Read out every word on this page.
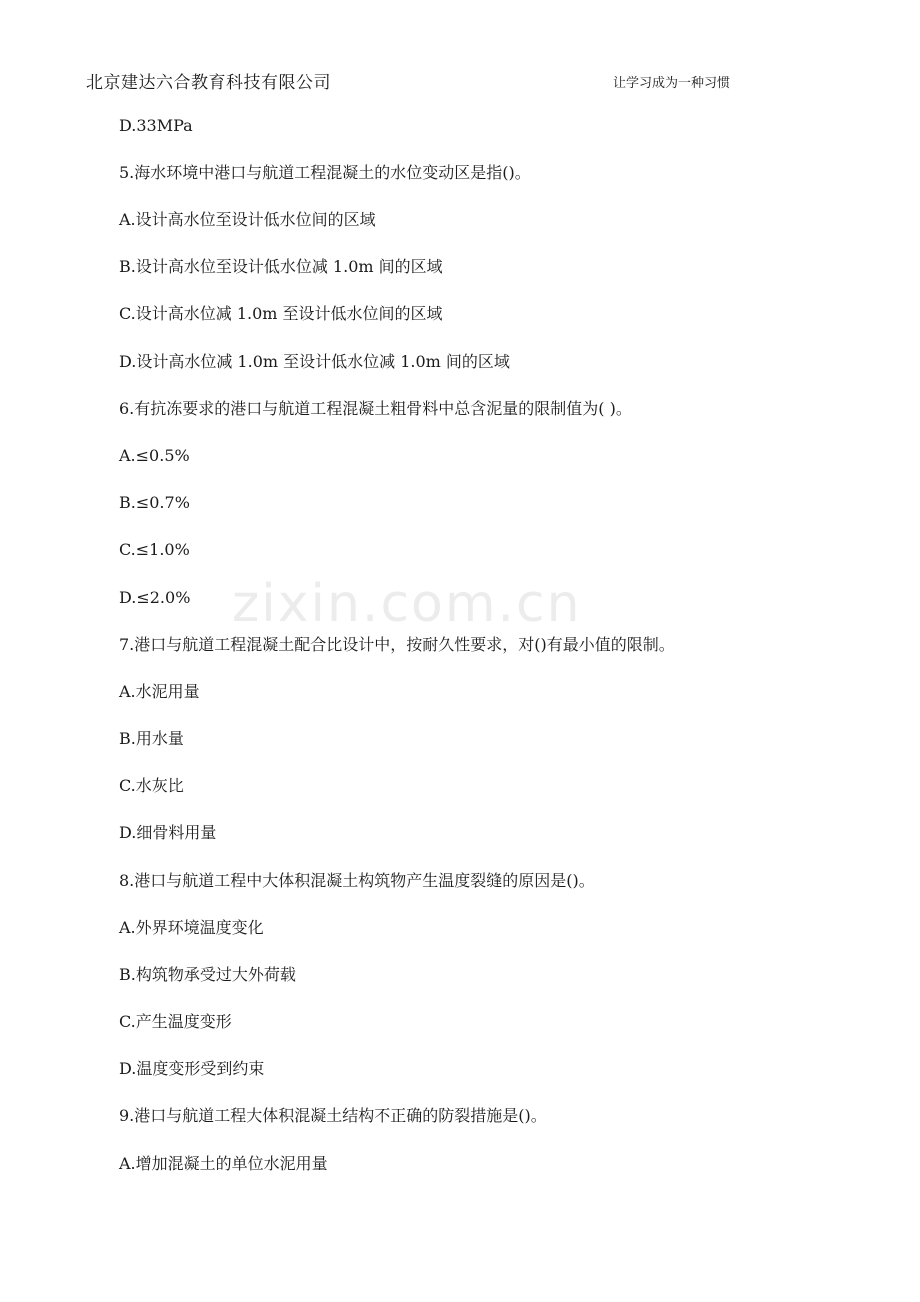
北京建达六合教育科技有限公司	让学习成为一种习惯
zixin.com.cn
D.33MPa
5.海水环境中港口与航道工程混凝土的水位变动区是指()。
A.设计高水位至设计低水位间的区域
B.设计高水位至设计低水位减 1.0m 间的区域
C.设计高水位减 1.0m 至设计低水位间的区域
D.设计高水位减 1.0m 至设计低水位减 1.0m 间的区域
6.有抗冻要求的港口与航道工程混凝土粗骨料中总含泥量的限制值为( )。
A.≤0.5%
B.≤0.7%
C.≤1.0%
D.≤2.0%
7.港口与航道工程混凝土配合比设计中，按耐久性要求，对()有最小值的限制。
A.水泥用量
B.用水量
C.水灰比
D.细骨料用量
8.港口与航道工程中大体积混凝土构筑物产生温度裂缝的原因是()。
A.外界环境温度变化
B.构筑物承受过大外荷载
C.产生温度变形
D.温度变形受到约束
9.港口与航道工程大体积混凝土结构不正确的防裂措施是()。
A.增加混凝土的单位水泥用量
